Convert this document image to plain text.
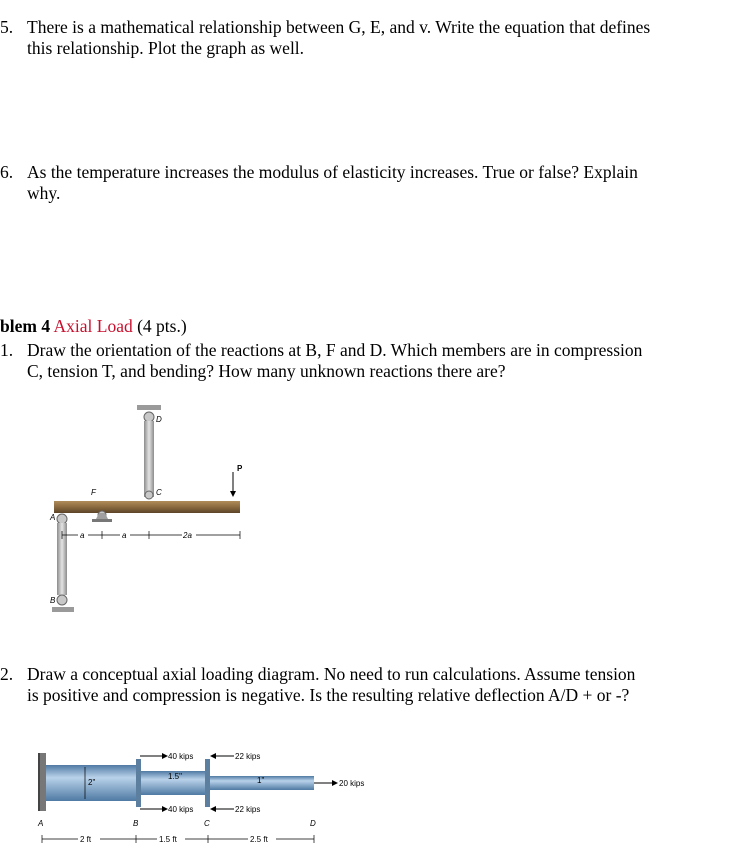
5. There is a mathematical relationship between G, E, and v. Write the equation that defines
this relationship. Plot the graph as well.
6. As the temperature increases the modulus of elasticity increases. True or false? Explain
why.
blem 4 Axial Load (4 pts.)
1. Draw the orientation of the reactions at B, F and D. Which members are in compression
C, tension T, and bending? How many unknown reactions there are?
D
C
P
F
A
B
a	a	2a
2. Draw a conceptual axial loading diagram. No need to run calculations. Assume tension
is positive and compression is negative. Is the resulting relative deflection A/D + or -?
2"
1.5"	1"
40 kips
40 kips
22 kips
22 kips
20 kips
A	B	C	D
2 ft	1.5 ft	2.5 ft
